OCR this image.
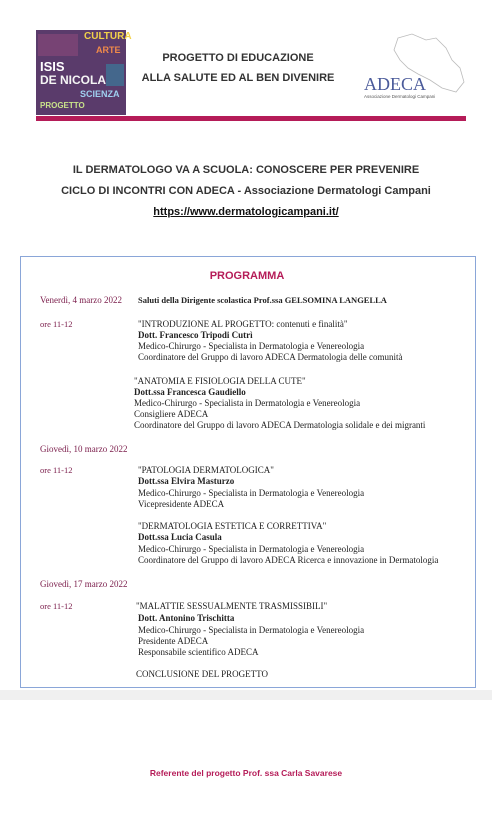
CULTURA
ISIS
DE NICOLA
SCIENZA
ARTE
PROGETTO
PROGETTO DI EDUCAZIONE
ALLA SALUTE ED AL BEN DIVENIRE	ADECA
Associazione Dermatologi Campani
IL DERMATOLOGO VA A SCUOLA: CONOSCERE PER PREVENIRE
CICLO DI INCONTRI CON ADECA - Associazione Dermatologi Campani
https://www.dermatologicampani.it/
PROGRAMMA
Venerdì, 4 marzo 2022 Saluti della Dirigente scolastica Prof.ssa GELSOMINA LANGELLA
ore 11-12	"INTRODUZIONE AL PROGETTO: contenuti e finalità"
Dott. Francesco Tripodi Cutrì
Medico-Chirurgo - Specialista in Dermatologia e Venereologia
Coordinatore del Gruppo di lavoro ADECA Dermatologia delle comunità
"ANATOMIA E FISIOLOGIA DELLA CUTE"
Dott.ssa Francesca Gaudiello
Medico-Chirurgo - Specialista in Dermatologia e Venereologia
Consigliere ADECA
Coordinatore del Gruppo di lavoro ADECA Dermatologia solidale e dei migranti
Giovedì, 10 marzo 2022
ore 11-12	"PATOLOGIA DERMATOLOGICA"
Dott.ssa Elvira Masturzo
Medico-Chirurgo - Specialista in Dermatologia e Venereologia
Vicepresidente ADECA
"DERMATOLOGIA ESTETICA E CORRETTIVA"
Dott.ssa Lucia Casula
Medico-Chirurgo - Specialista in Dermatologia e Venereologia
Coordinatore del Gruppo di lavoro ADECA Ricerca e innovazione in Dermatologia
Giovedì, 17 marzo 2022
ore 11-12	"MALATTIE SESSUALMENTE TRASMISSIBILI"
Dott. Antonino Trischitta
Medico-Chirurgo - Specialista in Dermatologia e Venereologia
Presidente ADECA
Responsabile scientifico ADECA
CONCLUSIONE DEL PROGETTO
Referente del progetto Prof. ssa Carla Savarese
